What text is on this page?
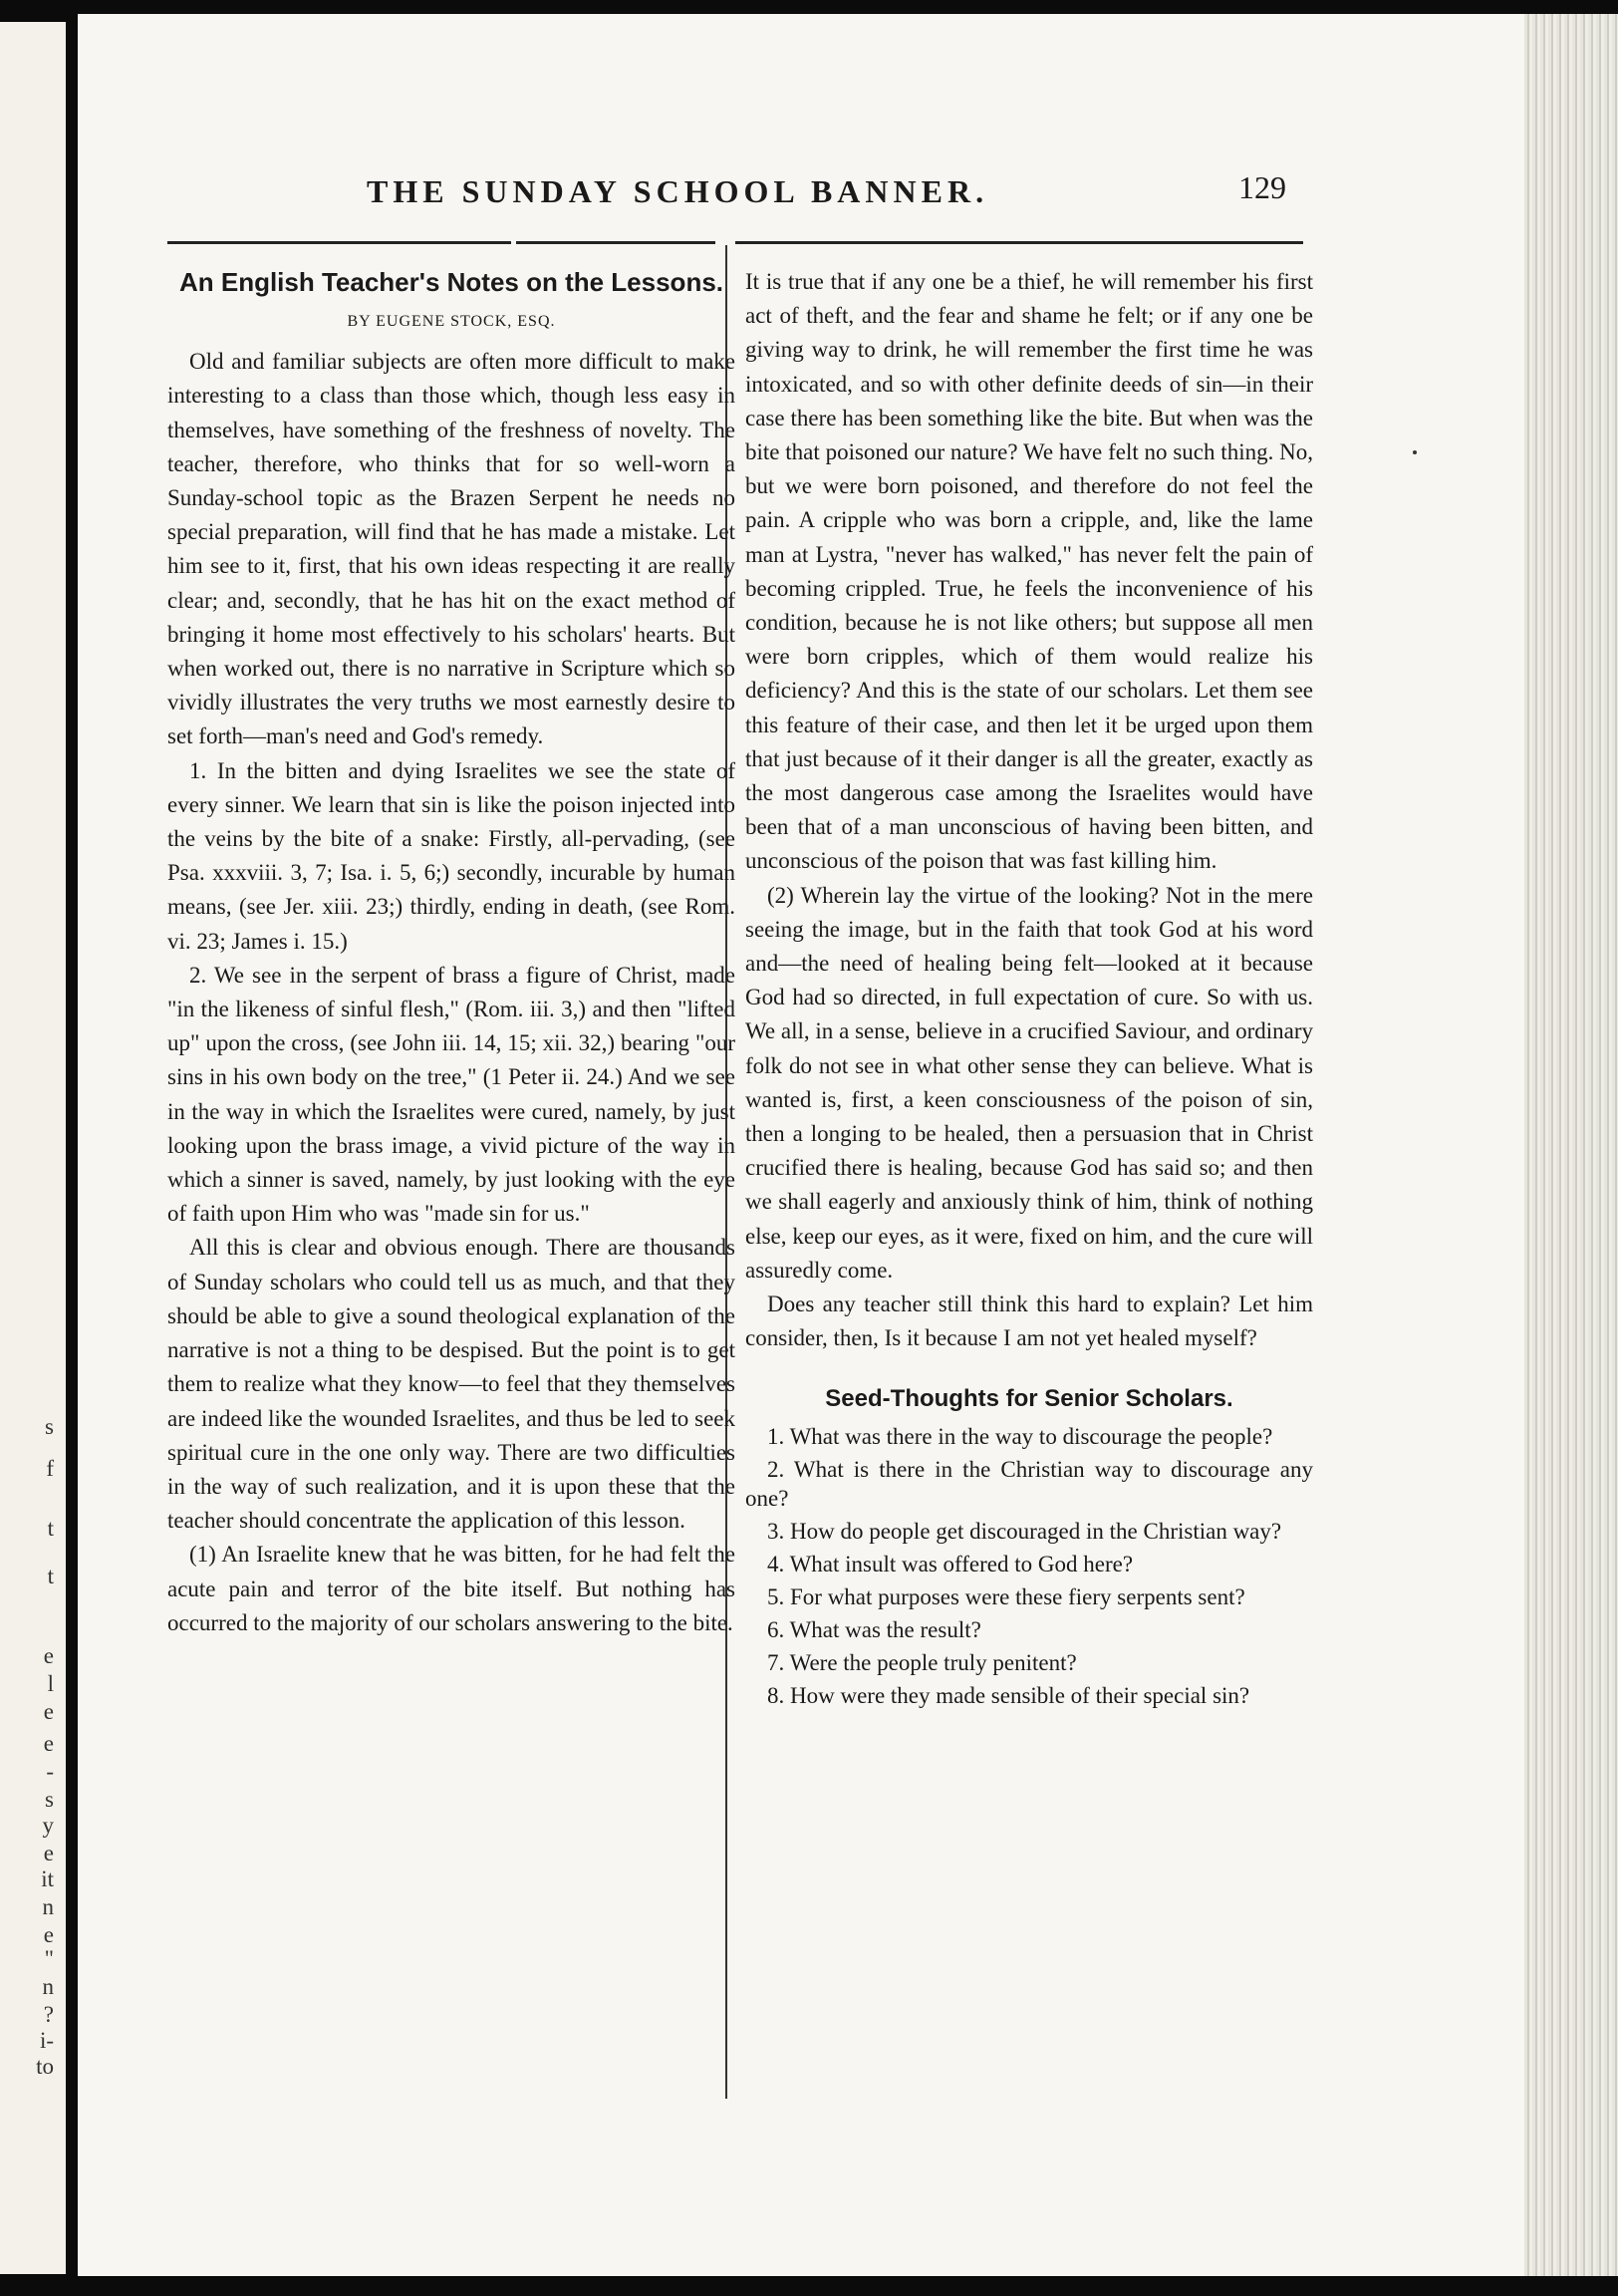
s
f
t
t
e
l
e
e
-
s
y
e
it
n
e
"
n
?
i-
to
THE SUNDAY SCHOOL BANNER.	129
An English Teacher's Notes on the Lessons.
BY EUGENE STOCK, ESQ.

Old and familiar subjects are often more difficult to make interesting to a class than those which, though less easy in themselves, have something of the freshness of novelty. The teacher, therefore, who thinks that for so well-worn a Sunday-school topic as the Brazen Serpent he needs no special preparation, will find that he has made a mistake. Let him see to it, first, that his own ideas respecting it are really clear; and, secondly, that he has hit on the exact method of bringing it home most effectively to his scholars' hearts. But when worked out, there is no narrative in Scripture which so vividly illustrates the very truths we most earnestly desire to set forth—man's need and God's remedy.

1. In the bitten and dying Israelites we see the state of every sinner. We learn that sin is like the poison injected into the veins by the bite of a snake: Firstly, all-pervading, (see Psa. xxxviii. 3, 7; Isa. i. 5, 6;) secondly, incurable by human means, (see Jer. xiii. 23;) thirdly, ending in death, (see Rom. vi. 23; James i. 15.)

2. We see in the serpent of brass a figure of Christ, made "in the likeness of sinful flesh," (Rom. iii. 3,) and then "lifted up" upon the cross, (see John iii. 14, 15; xii. 32,) bearing "our sins in his own body on the tree," (1 Peter ii. 24.) And we see in the way in which the Israelites were cured, namely, by just looking upon the brass image, a vivid picture of the way in which a sinner is saved, namely, by just looking with the eye of faith upon Him who was "made sin for us."

All this is clear and obvious enough. There are thousands of Sunday scholars who could tell us as much, and that they should be able to give a sound theological explanation of the narrative is not a thing to be despised. But the point is to get them to realize what they know—to feel that they themselves are indeed like the wounded Israelites, and thus be led to seek spiritual cure in the one only way. There are two difficulties in the way of such realization, and it is upon these that the teacher should concentrate the application of this lesson.

(1) An Israelite knew that he was bitten, for he had felt the acute pain and terror of the bite itself. But nothing has occurred to the majority of our scholars answering to the bite.

It is true that if any one be a thief, he will remember his first act of theft, and the fear and shame he felt; or if any one be giving way to drink, he will remember the first time he was intoxicated, and so with other definite deeds of sin—in their case there has been something like the bite. But when was the bite that poisoned our nature? We have felt no such thing. No, but we were born poisoned, and therefore do not feel the pain. A cripple who was born a cripple, and, like the lame man at Lystra, "never has walked," has never felt the pain of becoming crippled. True, he feels the inconvenience of his condition, because he is not like others; but suppose all men were born cripples, which of them would realize his deficiency? And this is the state of our scholars. Let them see this feature of their case, and then let it be urged upon them that just because of it their danger is all the greater, exactly as the most dangerous case among the Israelites would have been that of a man unconscious of having been bitten, and unconscious of the poison that was fast killing him.

(2) Wherein lay the virtue of the looking? Not in the mere seeing the image, but in the faith that took God at his word and—the need of healing being felt—looked at it because God had so directed, in full expectation of cure. So with us. We all, in a sense, believe in a crucified Saviour, and ordinary folk do not see in what other sense they can believe. What is wanted is, first, a keen consciousness of the poison of sin, then a longing to be healed, then a persuasion that in Christ crucified there is healing, because God has said so; and then we shall eagerly and anxiously think of him, think of nothing else, keep our eyes, as it were, fixed on him, and the cure will assuredly come.

Does any teacher still think this hard to explain? Let him consider, then, Is it because I am not yet healed myself?

Seed-Thoughts for Senior Scholars.
1. What was there in the way to discourage the people?
2. What is there in the Christian way to discourage any one?
3. How do people get discouraged in the Christian way?
4. What insult was offered to God here?
5. For what purposes were these fiery serpents sent?
6. What was the result?
7. Were the people truly penitent?
8. How were they made sensible of their special sin?
